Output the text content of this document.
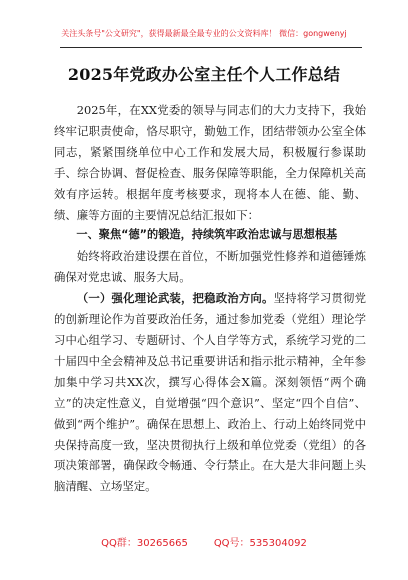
关注头条号"公文研究"，获得最新最全最专业的公文资料库！ 微信：gongwenyj
2025年党政办公室主任个人工作总结

2025年，在XX党委的领导与同志们的大力支持下，我始终牢记职责使命，恪尽职守，勤勉工作，团结带领办公室全体同志，紧紧围绕单位中心工作和发展大局，积极履行参谋助手、综合协调、督促检查、服务保障等职能，全力保障机关高效有序运转。根据年度考核要求，现将本人在德、能、勤、绩、廉等方面的主要情况总结汇报如下：

一、聚焦“德”的锻造，持续筑牢政治忠诚与思想根基

始终将政治建设摆在首位，不断加强党性修养和道德锤炼确保对党忠诚、服务大局。

（一）强化理论武装，把稳政治方向。坚持将学习贯彻党的创新理论作为首要政治任务，通过参加党委（党组）理论学习中心组学习、专题研讨、个人自学等方式，系统学习党的二十届四中全会精神及总书记重要讲话和指示批示精神，全年参加集中学习共XX次，撰写心得体会X篇。深刻领悟“两个确立”的决定性意义，自觉增强“四个意识”、坚定“四个自信”、做到“两个维护”。确保在思想上、政治上、行动上始终同党中央保持高度一致，坚决贯彻执行上级和单位党委（党组）的各项决策部署，确保政令畅通、令行禁止。在大是大非问题上头脑清醒、立场坚定。

QQ群：30265665	QQ号：535304092
